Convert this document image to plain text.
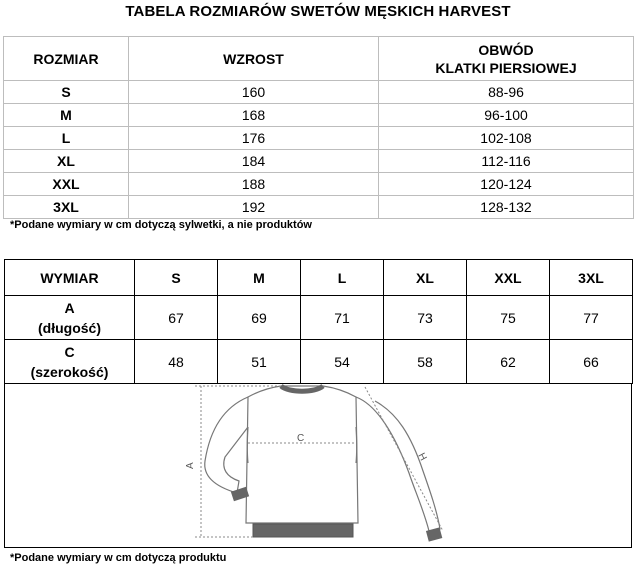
TABELA ROZMIARÓW SWETÓW MĘSKICH HARVEST
ROZMIAR	WZROST	OBWÓD
KLATKI PIERSIOWEJ

S	160	88-96
M	168	96-100
L	176	102-108
XL	184	112-116
XXL	188	120-124
3XL	192	128-132
*Podane wymiary w cm dotyczą sylwetki, a nie produktów
WYMIAR	S	M	L	XL	XXL	3XL

A
(długość)	67	69	71	73	75	77

C
(szerokość)	48	51	54	58	62	66
A
C
H
*Podane wymiary w cm dotyczą produktu
